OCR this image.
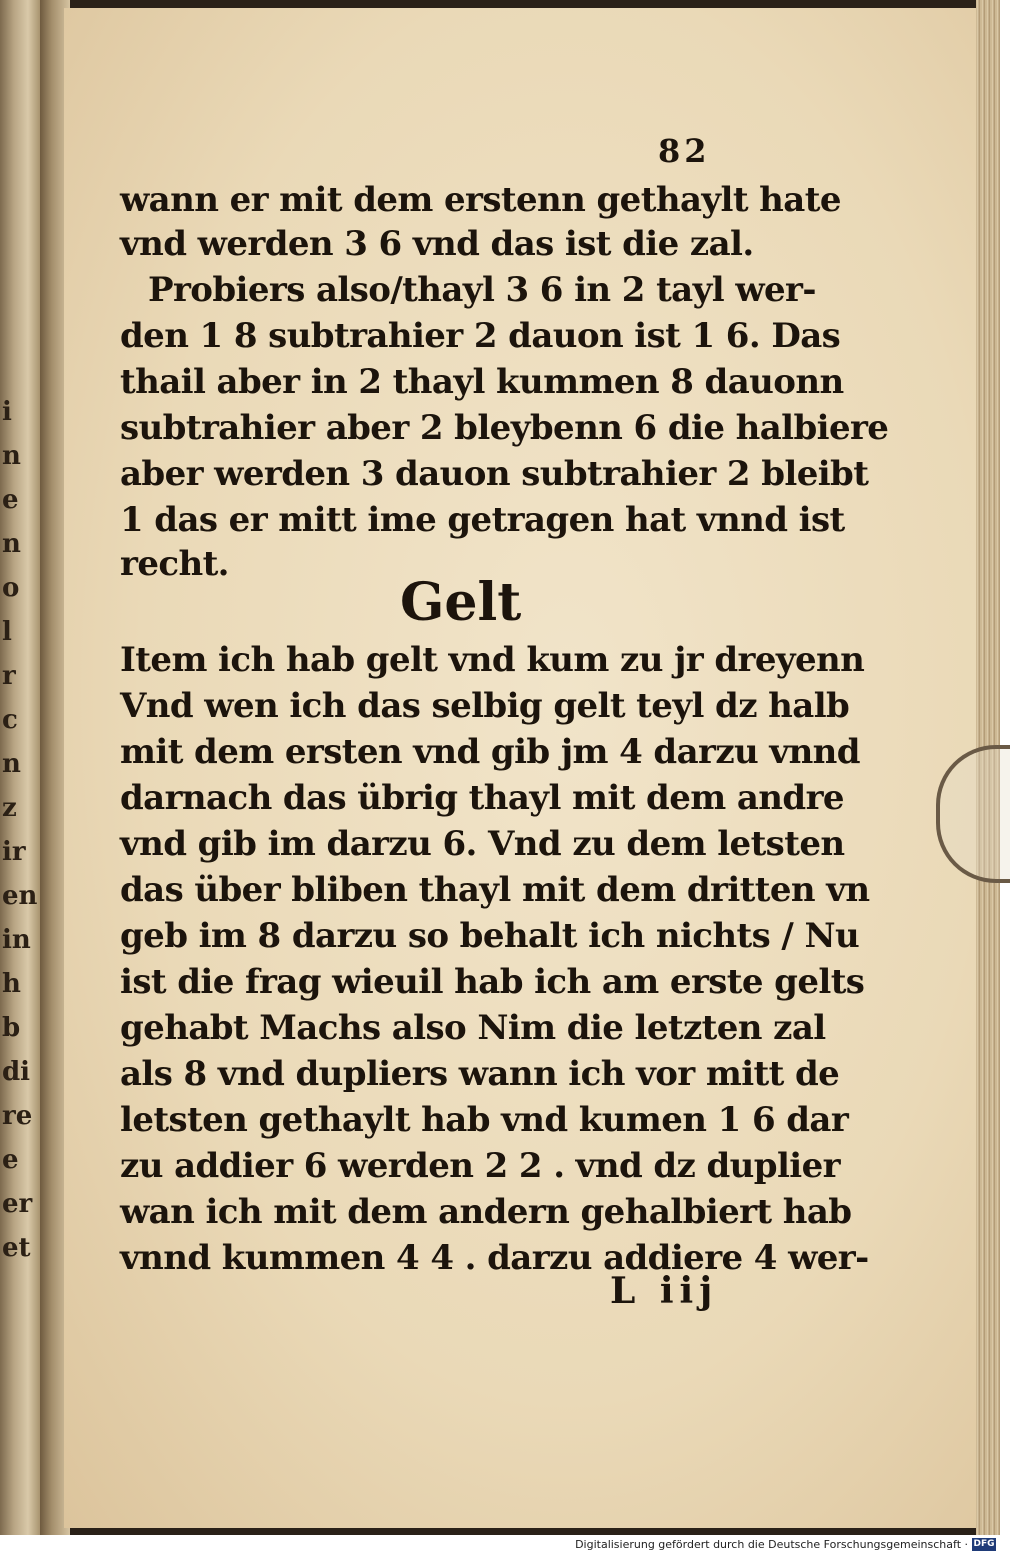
i
n
e
n
o
l
r
c
n
z
ir
en
in
h
b
di
re
e
er
et
82
wann er mit dem erstenn gethaylt hate
vnd werden 3 6 vnd das ist die zal.
Probiers also/thayl 3 6 in 2 tayl wer-
den 1 8 subtrahier 2 dauon ist 1 6. Das
thail aber in 2 thayl kummen 8 dauonn
subtrahier aber 2 bleybenn 6 die halbiere
aber werden 3 dauon subtrahier 2 bleibt
1 das er mitt ime getragen hat vnnd ist
recht.
Item ich hab gelt vnd kum zu jr dreyenn
Vnd wen ich das selbig gelt teyl dz halb
mit dem ersten vnd gib jm 4 darzu vnnd
darnach das übrig thayl mit dem andre
vnd gib im darzu 6. Vnd zu dem letsten
das über bliben thayl mit dem dritten vn
geb im 8 darzu so behalt ich nichts / Nu
ist die frag wieuil hab ich am erste gelts
gehabt Machs also Nim die letzten zal
als 8 vnd dupliers wann ich vor mitt de
letsten gethaylt hab vnd kumen 1 6 dar
zu addier 6 werden 2 2 . vnd dz duplier
wan ich mit dem andern gehalbiert hab
vnnd kummen 4 4 . darzu addiere 4 wer-
Gelt
L iij
Digitalisierung gefördert durch die Deutsche Forschungsgemeinschaft · DFG
